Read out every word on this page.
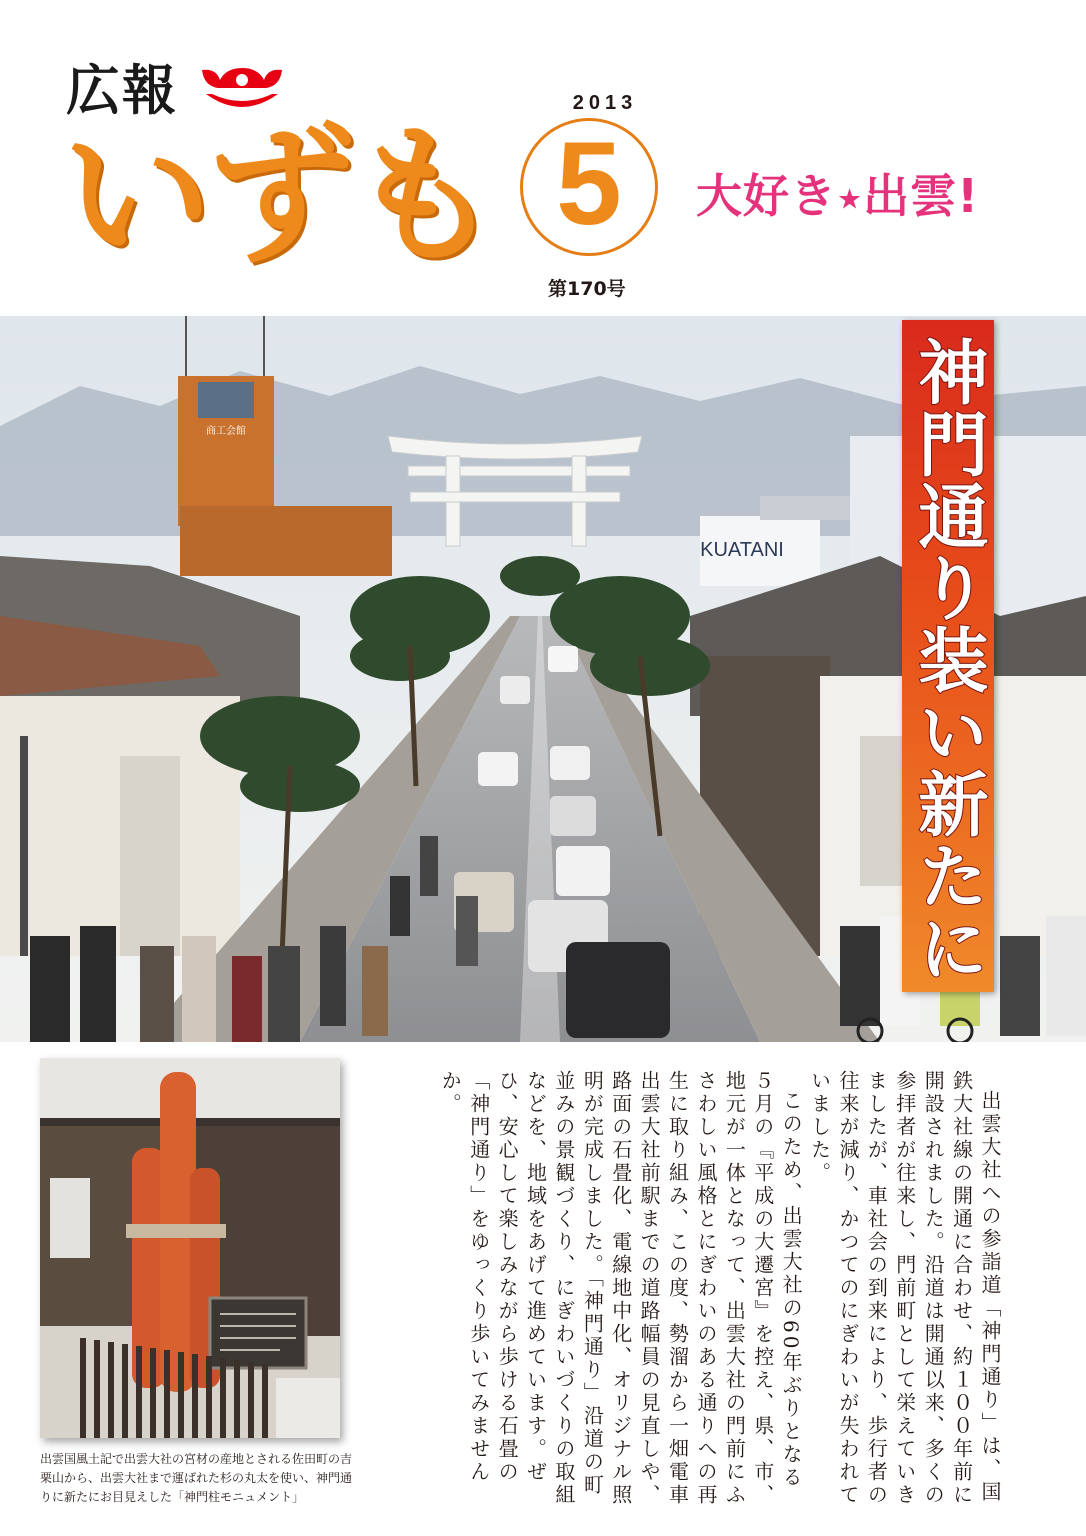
広報
いずも
2013
5
第170号
大好き★出雲!
商工会館
KUATANI 神門通り装い新たに
出雲国風土記で出雲大社の宮材の産地とされる佐田町の吉栗山から、出雲大社まで運ばれた杉の丸太を使い、神門通りに新たにお目見えした「神門柱モニュメント」	出雲大社への参詣道「神門通り」は、国鉄大社線の開通に合わせ、約１００年前に開設されました。沿道は開通以来、多くの参拝者が往来し、門前町として栄えていきましたが、車社会の到来により、歩行者の往来が減り、かつてのにぎわいが失われていました。

このため、出雲大社の60年ぶりとなる５月の『平成の大遷宮』を控え、県、市、地元が一体となって、出雲大社の門前にふさわしい風格とにぎわいのある通りへの再生に取り組み、この度、勢溜から一畑電車出雲大社前駅までの道路幅員の見直しや、路面の石畳化、電線地中化、オリジナル照明が完成しました。「神門通り」沿道の町並みの景観づくり、にぎわいづくりの取組などを、地域をあげて進めています。ぜひ、安心して楽しみながら歩ける石畳の「神門通り」をゆっくり歩いてみませんか。
